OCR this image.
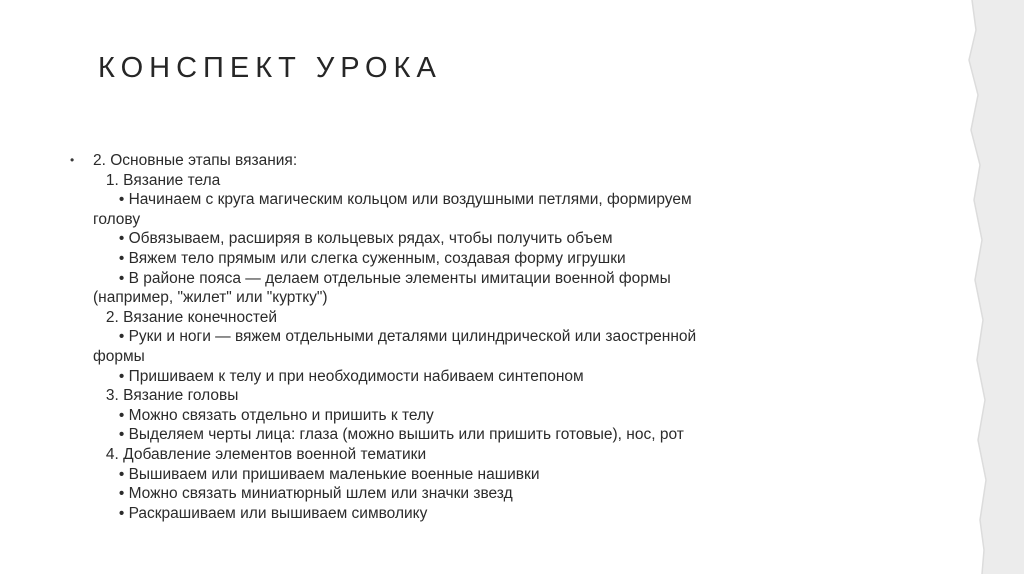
КОНСПЕКТ УРОКА
•	2. Основные этапы вязания:
1. Вязание тела
• Начинаем с круга магическим кольцом или воздушными петлями, формируем
голову
• Обвязываем, расширяя в кольцевых рядах, чтобы получить объем
• Вяжем тело прямым или слегка суженным, создавая форму игрушки
• В районе пояса — делаем отдельные элементы имитации военной формы
(например, "жилет" или "куртку")
2. Вязание конечностей
• Руки и ноги — вяжем отдельными деталями цилиндрической или заостренной
формы
• Пришиваем к телу и при необходимости набиваем синтепоном
3. Вязание головы
• Можно связать отдельно и пришить к телу
• Выделяем черты лица: глаза (можно вышить или пришить готовые), нос, рот
4. Добавление элементов военной тематики
• Вышиваем или пришиваем маленькие военные нашивки
• Можно связать миниатюрный шлем или значки звезд
• Раскрашиваем или вышиваем символику
